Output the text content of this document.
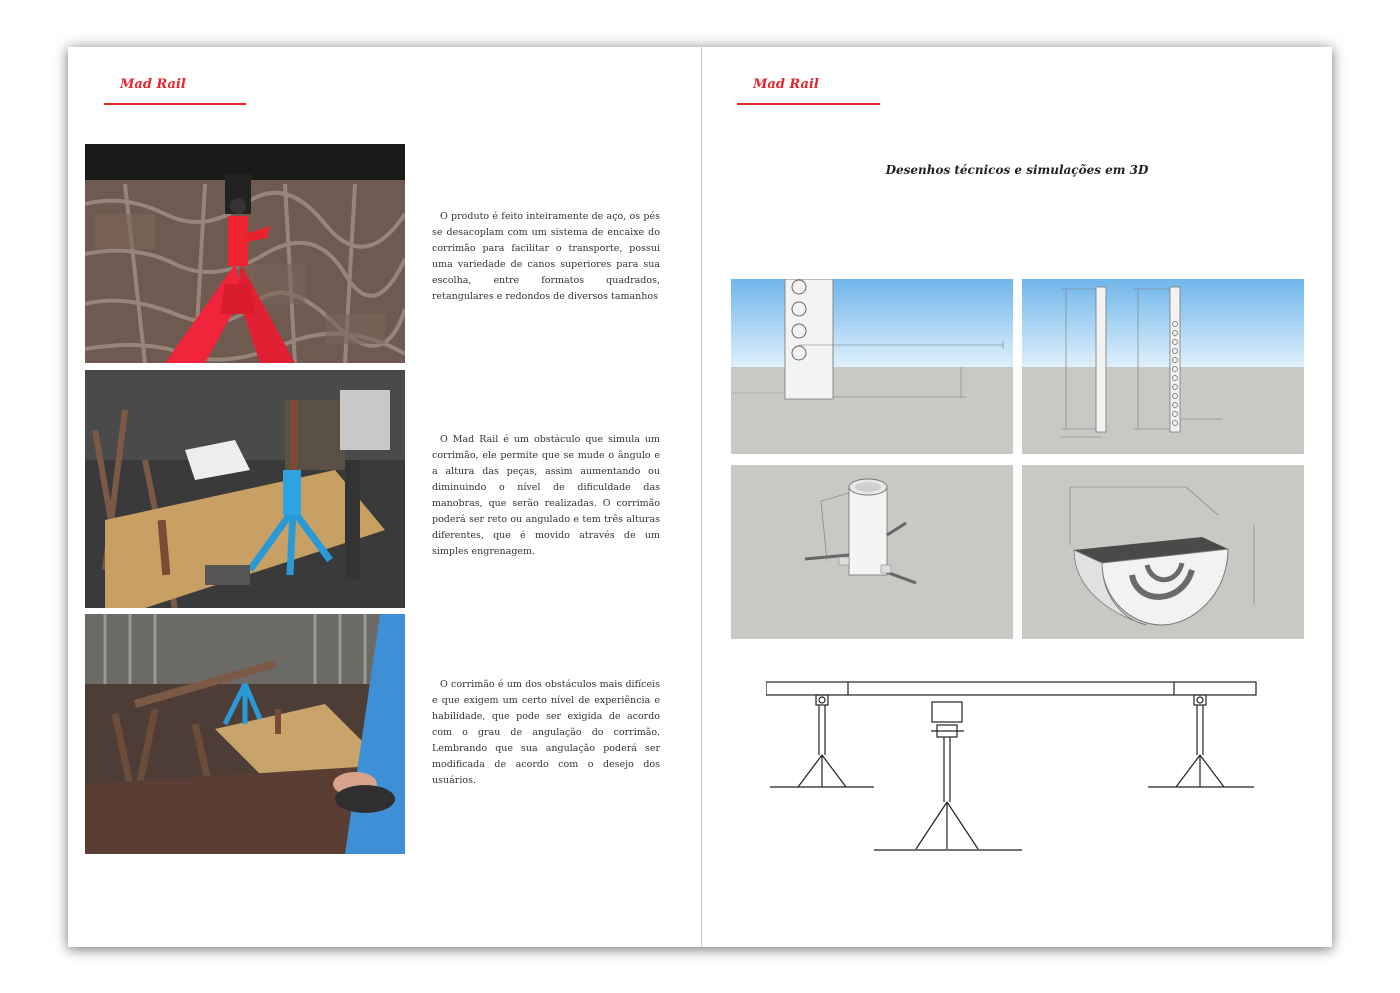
Mad Rail

O produto é feito inteiramente de aço, os pés se desacoplam com um sistema de encaixe do corrimão para facilitar o transporte, possui uma variedade de canos superiores para sua escolha, entre formatos quadrados, retangulares e redondos de diversos tamanhos

O Mad Rail é um obstáculo que simula um corrimão, ele permite que se mude o ângulo e a altura das peças, assim aumentando ou diminuindo o nível de dificuldade das manobras, que serão realizadas. O corrimão poderá ser reto ou angulado e tem três alturas diferentes, que é movido através de um simples engrenagem.

O corrimão é um dos obstáculos mais difíceis e que exigem um certo nível de experiência e habilidade, que pode ser exigida de acordo com o grau de angulação do corrimão. Lembrando que sua angulação poderá ser modificada de acordo com o desejo dos usuários.

Mad Rail
Desenhos técnicos e simulações em 3D
